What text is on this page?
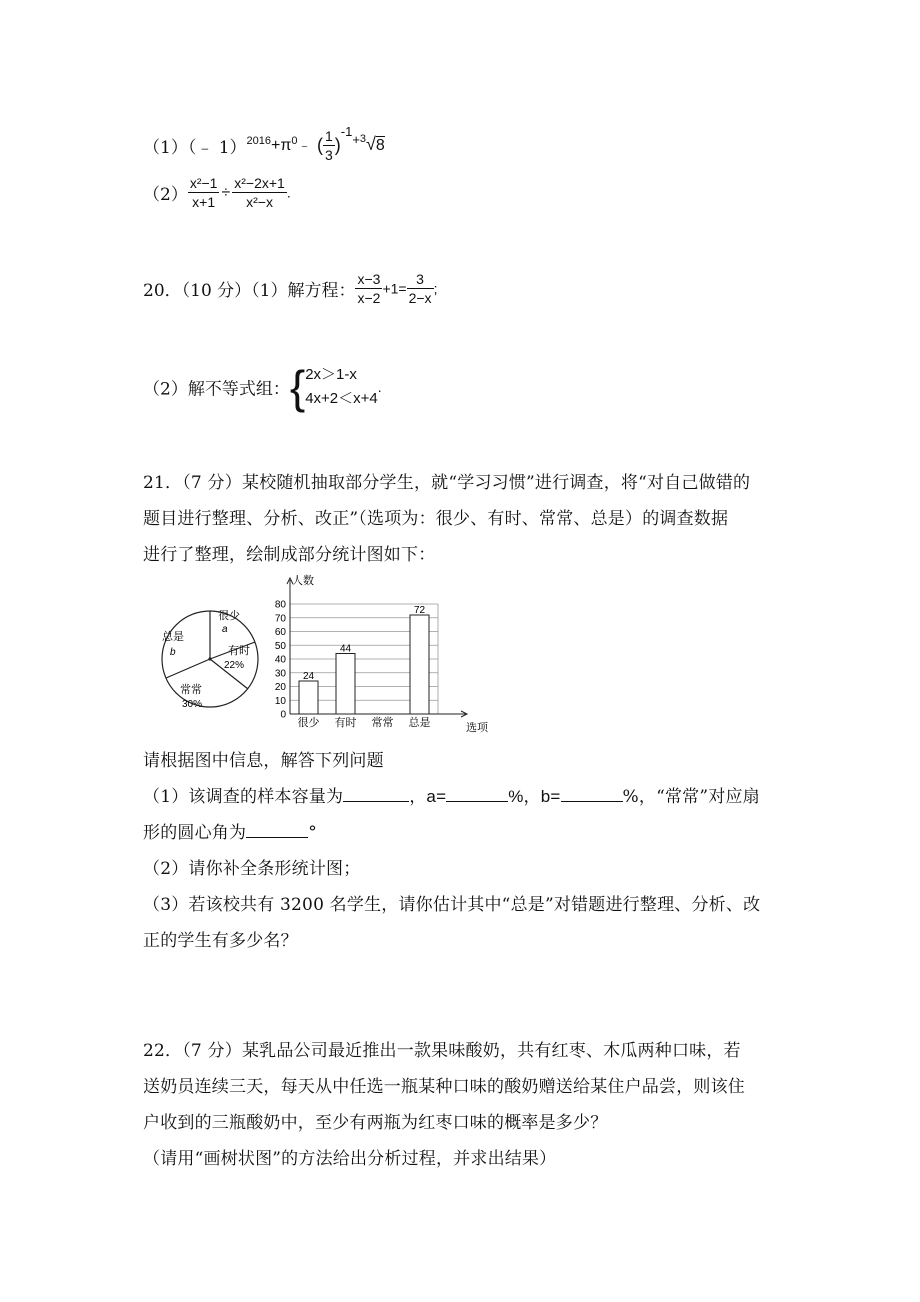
（1）（﹣ $1)^{2016}+\pi^0﹣$ ( $\frac{1}{3} )^{-1+3}√8$
$(2) \frac{\text{x²−1}}{x+1} \div \frac{\text{x²−2x+1}}{\text{x²−x}}$ .
20．（10 分）（1）解方程： $\frac{x-3}{x-2} +1= \frac{3}{2-x}$ ;
（2）解不等式组：{ 2x＞1-x
4x+2＜x+4
.
21．（7 分）某校随机抽取部分学生，就“学习习惯”进行调查，将“对自己做错的
题目进行整理、分析、改正”（选项为：很少、有时、常常、总是）的调查数据
进行了整理，绘制成部分统计图如下：
很少
a
有时
22%
常常
30%
总是
b
人数
选项
0
10
20
30
40
50
60
70
80
24
44
72
很少 有时 常常 总是
请根据图中信息，解答下列问题
（1）该调查的样本容量为	，a=	%，b=	%，“常常”对应扇
形的圆心角为	°
（2）请你补全条形统计图；
（3）若该校共有 3200 名学生，请你估计其中“总是”对错题进行整理、分析、改
正的学生有多少名？
22．（7 分）某乳品公司最近推出一款果味酸奶，共有红枣、木瓜两种口味，若
送奶员连续三天，每天从中任选一瓶某种口味的酸奶赠送给某住户品尝，则该住
户收到的三瓶酸奶中，至少有两瓶为红枣口味的概率是多少？
（请用“画树状图”的方法给出分析过程，并求出结果）
